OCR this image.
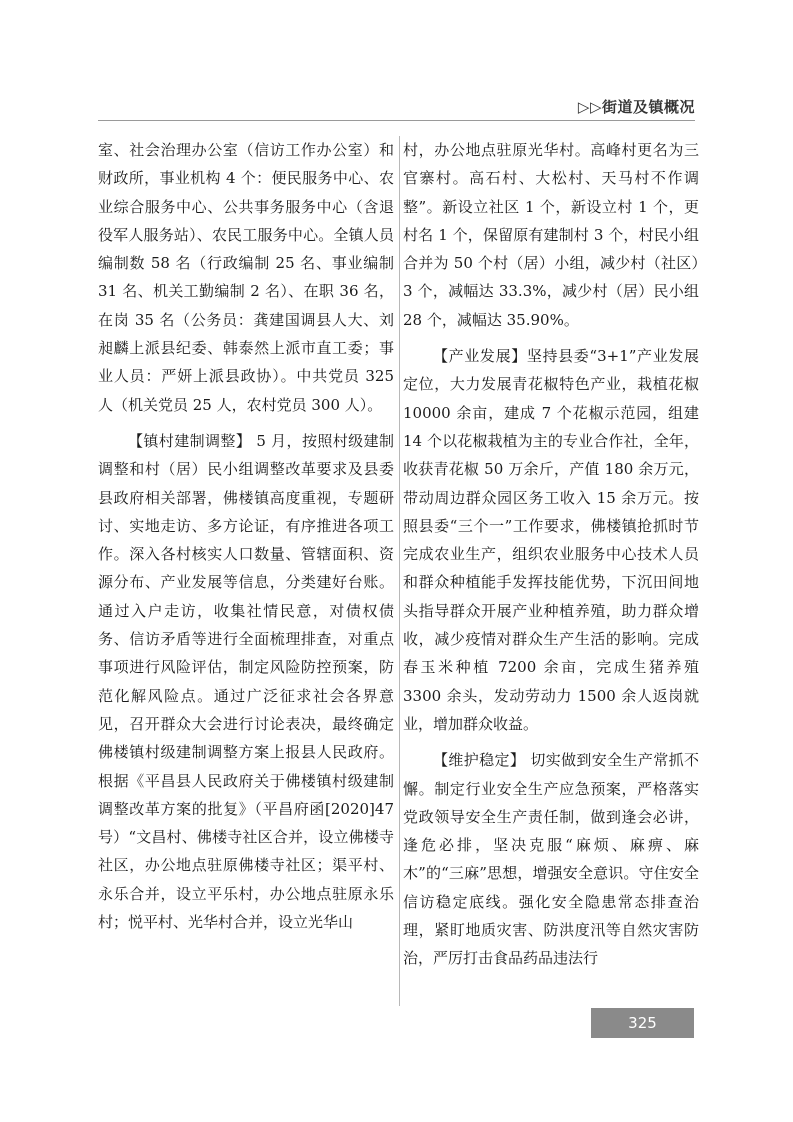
▷▷街道及镇概况

室、社会治理办公室（信访工作办公室）和财政所，事业机构 4 个：便民服务中心、农业综合服务中心、公共事务服务中心（含退役军人服务站）、农民工服务中心。全镇人员编制数 58 名（行政编制 25 名、事业编制 31 名、机关工勤编制 2 名）、在职 36 名，在岗 35 名（公务员：龚建国调县人大、刘昶麟上派县纪委、韩泰然上派市直工委；事业人员：严妍上派县政协）。中共党员 325 人（机关党员 25 人，农村党员 300 人）。

【镇村建制调整】 5 月，按照村级建制调整和村（居）民小组调整改革要求及县委县政府相关部署，佛楼镇高度重视，专题研讨、实地走访、多方论证，有序推进各项工作。深入各村核实人口数量、管辖面积、资源分布、产业发展等信息，分类建好台账。通过入户走访，收集社情民意，对债权债务、信访矛盾等进行全面梳理排查，对重点事项进行风险评估，制定风险防控预案，防范化解风险点。通过广泛征求社会各界意见，召开群众大会进行讨论表决，最终确定佛楼镇村级建制调整方案上报县人民政府。根据《平昌县人民政府关于佛楼镇村级建制调整改革方案的批复》（平昌府函[2020]47 号）“文昌村、佛楼寺社区合并，设立佛楼寺社区，办公地点驻原佛楼寺社区；渠平村、永乐合并，设立平乐村，办公地点驻原永乐村；悦平村、光华村合并，设立光华山

村，办公地点驻原光华村。高峰村更名为三官寨村。高石村、大松村、天马村不作调整”。新设立社区 1 个，新设立村 1 个，更村名 1 个，保留原有建制村 3 个，村民小组合并为 50 个村（居）小组，减少村（社区）3 个，减幅达 33.3%，减少村（居）民小组 28 个，减幅达 35.90%。

【产业发展】坚持县委“3+1”产业发展定位，大力发展青花椒特色产业，栽植花椒 10000 余亩，建成 7 个花椒示范园，组建 14 个以花椒栽植为主的专业合作社，全年，收获青花椒 50 万余斤，产值 180 余万元，带动周边群众园区务工收入 15 余万元。按照县委“三个一”工作要求，佛楼镇抢抓时节完成农业生产，组织农业服务中心技术人员和群众种植能手发挥技能优势，下沉田间地头指导群众开展产业种植养殖，助力群众增收，减少疫情对群众生产生活的影响。完成春玉米种植 7200 余亩，完成生猪养殖 3300 余头，发动劳动力 1500 余人返岗就业，增加群众收益。

【维护稳定】 切实做到安全生产常抓不懈。制定行业安全生产应急预案，严格落实党政领导安全生产责任制，做到逢会必讲，逢危必排，坚决克服“麻烦、麻痹、麻木”的“三麻”思想，增强安全意识。守住安全信访稳定底线。强化安全隐患常态排查治理，紧盯地质灾害、防洪度汛等自然灾害防治，严厉打击食品药品违法行

325
